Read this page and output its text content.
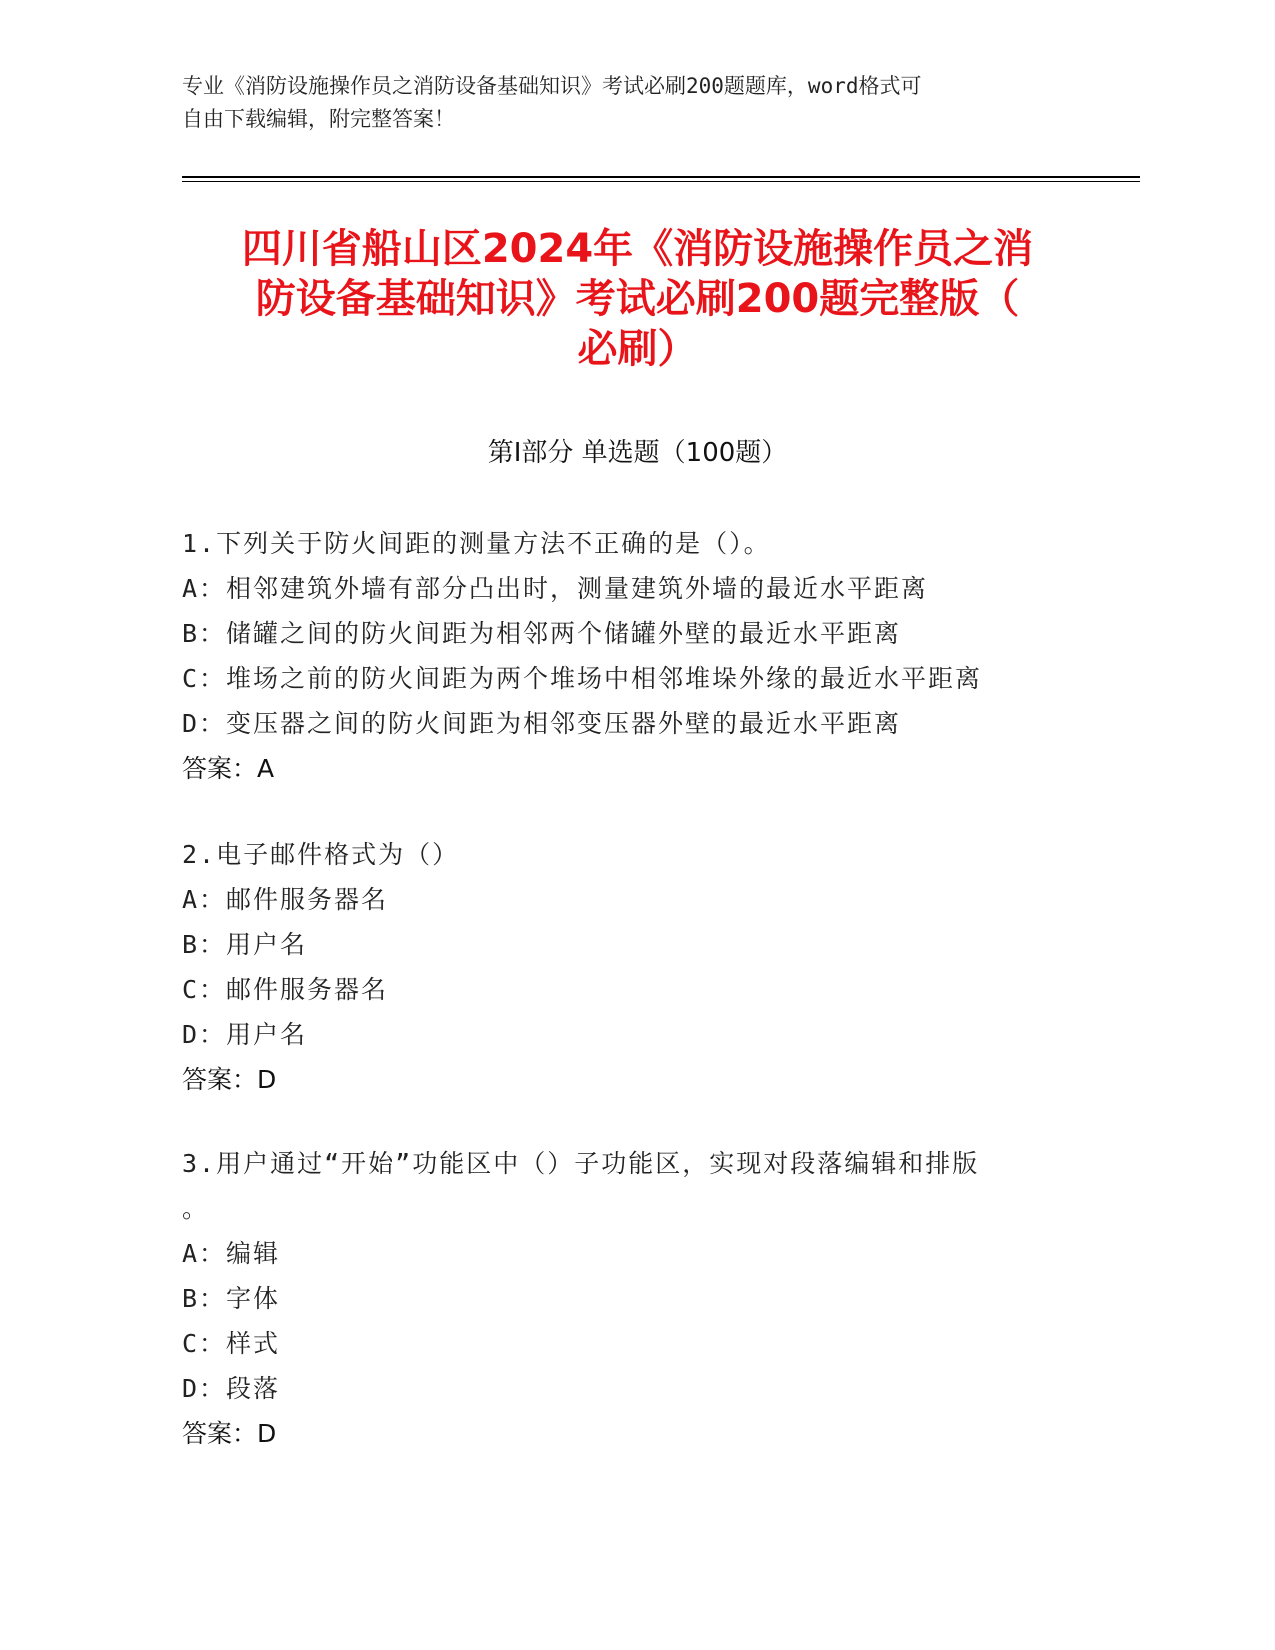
专业《消防设施操作员之消防设备基础知识》考试必刷200题题库，word格式可
自由下载编辑，附完整答案！
四川省船山区2024年《消防设施操作员之消
防设备基础知识》考试必刷200题完整版（
必刷）
第I部分 单选题（100题）
1.下列关于防火间距的测量方法不正确的是（）。
A：相邻建筑外墙有部分凸出时，测量建筑外墙的最近水平距离
B：储罐之间的防火间距为相邻两个储罐外壁的最近水平距离
C：堆场之前的防火间距为两个堆场中相邻堆垛外缘的最近水平距离
D：变压器之间的防火间距为相邻变压器外壁的最近水平距离
答案：A
2.电子邮件格式为（）
A：邮件服务器名
B：用户名
C：邮件服务器名
D：用户名
答案：D
3.用户通过“开始”功能区中（）子功能区，实现对段落编辑和排版
。
A：编辑
B：字体
C：样式
D：段落
答案：D
